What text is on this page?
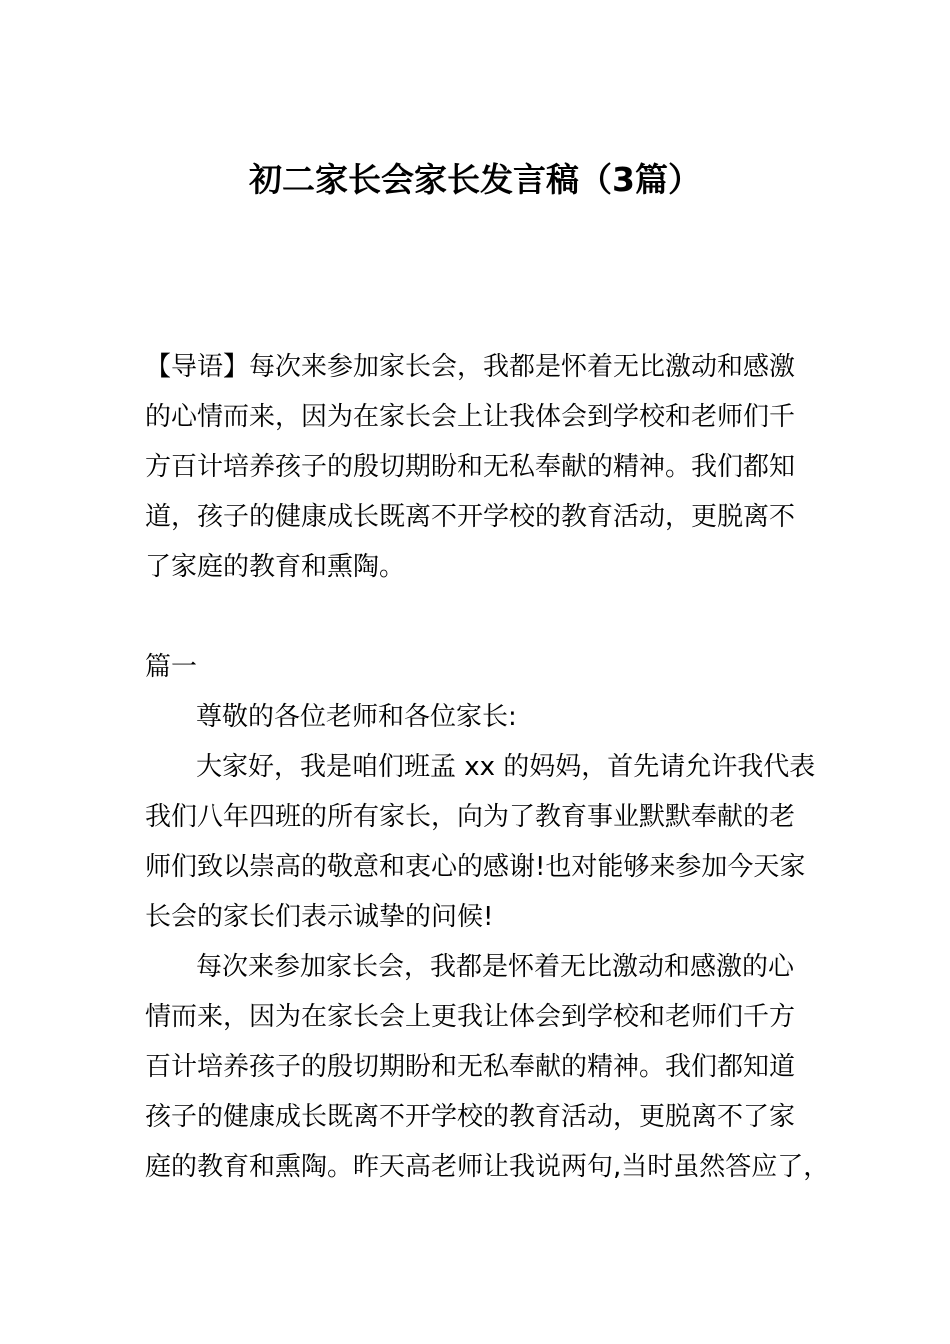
初二家长会家长发言稿（3篇）
【导语】每次来参加家长会，我都是怀着无比激动和感激
的心情而来，因为在家长会上让我体会到学校和老师们千
方百计培养孩子的殷切期盼和无私奉献的精神。我们都知
道，孩子的健康成长既离不开学校的教育活动，更脱离不
了家庭的教育和熏陶。
篇一
尊敬的各位老师和各位家长:
大家好，我是咱们班孟 xx 的妈妈，首先请允许我代表
我们八年四班的所有家长，向为了教育事业默默奉献的老
师们致以崇高的敬意和衷心的感谢!也对能够来参加今天家
长会的家长们表示诚挚的问候!
每次来参加家长会，我都是怀着无比激动和感激的心
情而来，因为在家长会上更我让体会到学校和老师们千方
百计培养孩子的殷切期盼和无私奉献的精神。我们都知道
孩子的健康成长既离不开学校的教育活动，更脱离不了家
庭的教育和熏陶。昨天高老师让我说两句,当时虽然答应了，
